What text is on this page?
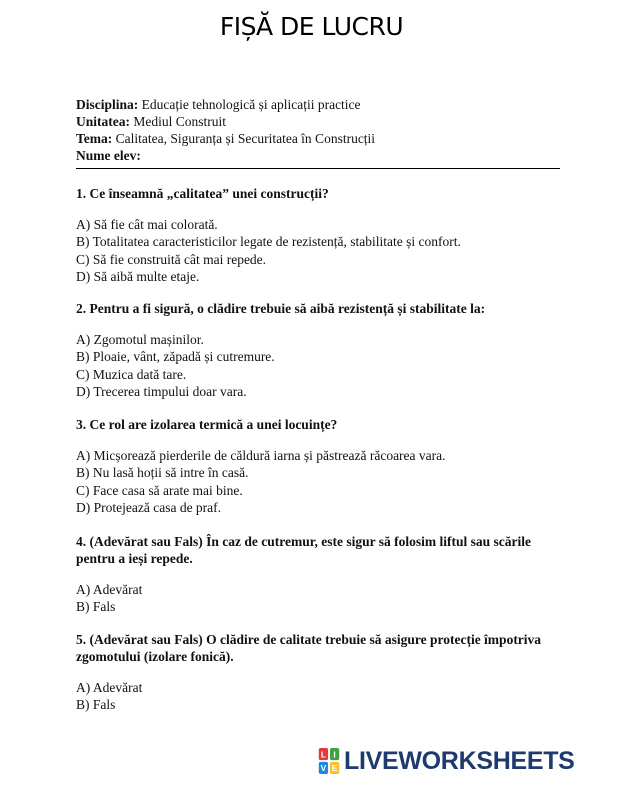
FIȘĂ DE LUCRU
Disciplina: Educație tehnologică și aplicații practice
Unitatea: Mediul Construit
Tema: Calitatea, Siguranța și Securitatea în Construcții
Nume elev:
1. Ce înseamnă „calitatea” unei construcții?
A) Să fie cât mai colorată.
B) Totalitatea caracteristicilor legate de rezistență, stabilitate și confort.
C) Să fie construită cât mai repede.
D) Să aibă multe etaje.
2. Pentru a fi sigură, o clădire trebuie să aibă rezistență și stabilitate la:
A) Zgomotul mașinilor.
B) Ploaie, vânt, zăpadă și cutremure.
C) Muzica dată tare.
D) Trecerea timpului doar vara.
3. Ce rol are izolarea termică a unei locuințe?
A) Micșorează pierderile de căldură iarna și păstrează răcoarea vara.
B) Nu lasă hoții să intre în casă.
C) Face casa să arate mai bine.
D) Protejează casa de praf.
4. (Adevărat sau Fals) În caz de cutremur, este sigur să folosim liftul sau scările pentru a ieși repede.
A) Adevărat
B) Fals
5. (Adevărat sau Fals) O clădire de calitate trebuie să asigure protecție împotriva zgomotului (izolare fonică).
A) Adevărat
B) Fals
L I
V E LIVEWORKSHEETS
